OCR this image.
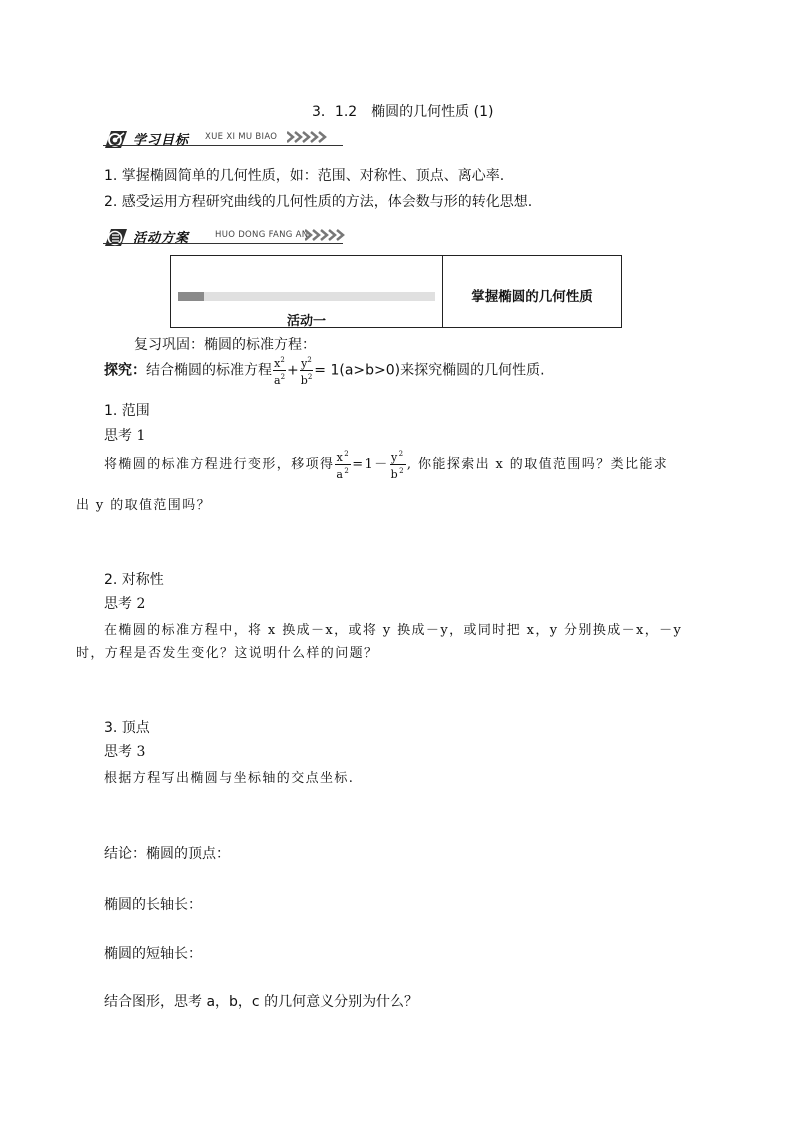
3．1.2　椭圆的几何性质 (1)
学习目标 XUE XI MU BIAO
1. 掌握椭圆简单的几何性质，如：范围、对称性、顶点、离心率.
2. 感受运用方程研究曲线的几何性质的方法，体会数与形的转化思想.
活动方案	HUO DONG FANG AN
活动一
掌握椭圆的几何性质
复习巩固：椭圆的标准方程：
探究：结合椭圆的标准方程 $\frac{x^2}{a^2} + \frac{y^2}{b^2} = 1(a>b>0)$来探究椭圆的几何性质.
1. 范围
思考 1
将椭圆的标准方程进行变形，移项得 $\frac{x^2}{a^2} =1- \frac{y^2}{b^2}$ , 你能探索出 x 的取值范围吗？类比能求
出 y 的取值范围吗？
2. 对称性
思考 2
在椭圆的标准方程中，将 x 换成－x，或将 y 换成－y，或同时把 x，y 分别换成－x，－y
时，方程是否发生变化？这说明什么样的问题？
3. 顶点
思考 3
根据方程写出椭圆与坐标轴的交点坐标.
结论：椭圆的顶点：
椭圆的长轴长：
椭圆的短轴长：
结合图形，思考 a，b，c 的几何意义分别为什么？
